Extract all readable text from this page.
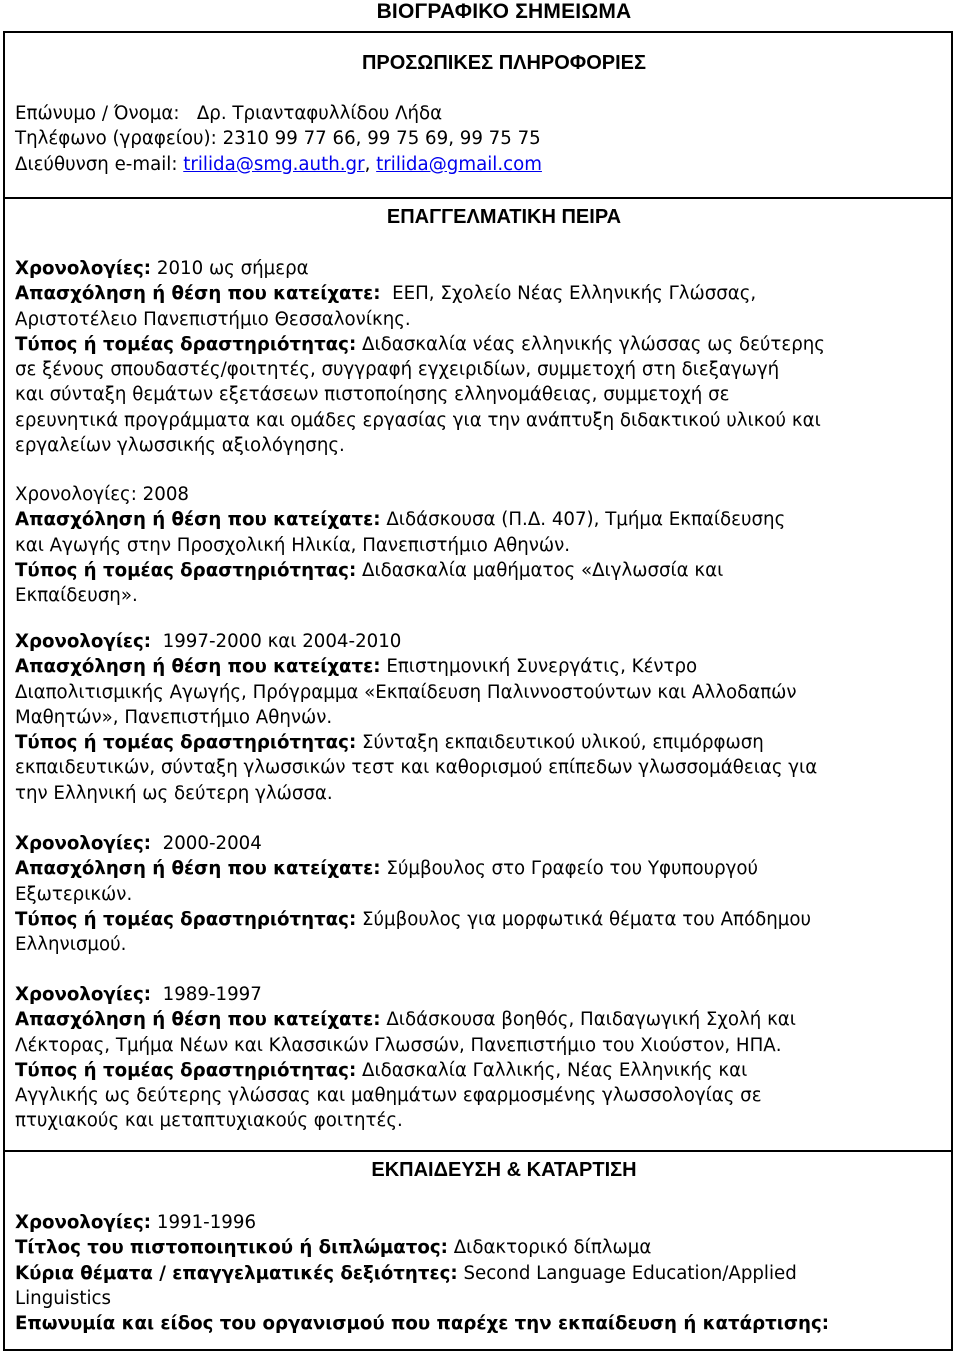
ΒΙΟΓΡΑΦΙΚΟ ΣΗΜΕΙΩΜΑ
ΠΡΟΣΩΠΙΚΕΣ ΠΛΗΡΟΦΟΡΙΕΣ
Επώνυμο / Όνομα: Δρ. Τριανταφυλλίδου Λήδα
Τηλέφωνο (γραφείου): 2310 99 77 66, 99 75 69, 99 75 75
Διεύθυνση e-mail: trilida@smg.auth.gr, trilida@gmail.com
ΕΠΑΓΓΕΛΜΑΤΙΚΗ ΠΕΙΡΑ
Χρονολογίες: 2010 ως σήμερα
Απασχόληση ή θέση που κατείχατε: ΕΕΠ, Σχολείο Νέας Ελληνικής Γλώσσας,
Αριστοτέλειο Πανεπιστήμιο Θεσσαλονίκης.
Τύπος ή τομέας δραστηριότητας: Διδασκαλία νέας ελληνικής γλώσσας ως δεύτερης
σε ξένους σπουδαστές/φοιτητές, συγγραφή εγχειριδίων, συμμετοχή στη διεξαγωγή
και σύνταξη θεμάτων εξετάσεων πιστοποίησης ελληνομάθειας, συμμετοχή σε
ερευνητικά προγράμματα και ομάδες εργασίας για την ανάπτυξη διδακτικού υλικού και
εργαλείων γλωσσικής αξιολόγησης.
Χρονολογίες: 2008
Απασχόληση ή θέση που κατείχατε: Διδάσκουσα (Π.Δ. 407), Τμήμα Εκπαίδευσης
και Αγωγής στην Προσχολική Ηλικία, Πανεπιστήμιο Αθηνών.
Τύπος ή τομέας δραστηριότητας: Διδασκαλία μαθήματος «Διγλωσσία και
Εκπαίδευση».
Χρονολογίες: 1997-2000 και 2004-2010
Απασχόληση ή θέση που κατείχατε: Επιστημονική Συνεργάτις, Κέντρο
Διαπολιτισμικής Αγωγής, Πρόγραμμα «Εκπαίδευση Παλιννοστούντων και Αλλοδαπών
Μαθητών», Πανεπιστήμιο Αθηνών.
Τύπος ή τομέας δραστηριότητας: Σύνταξη εκπαιδευτικού υλικού, επιμόρφωση
εκπαιδευτικών, σύνταξη γλωσσικών τεστ και καθορισμού επίπεδων γλωσσομάθειας για
την Ελληνική ως δεύτερη γλώσσα.
Χρονολογίες: 2000-2004
Απασχόληση ή θέση που κατείχατε: Σύμβουλος στο Γραφείο του Υφυπουργού
Εξωτερικών.
Τύπος ή τομέας δραστηριότητας: Σύμβουλος για μορφωτικά θέματα του Απόδημου
Ελληνισμού.
Χρονολογίες: 1989-1997
Απασχόληση ή θέση που κατείχατε: Διδάσκουσα βοηθός, Παιδαγωγική Σχολή και
Λέκτορας, Τμήμα Νέων και Κλασσικών Γλωσσών, Πανεπιστήμιο του Χιούστον, ΗΠΑ.
Τύπος ή τομέας δραστηριότητας: Διδασκαλία Γαλλικής, Νέας Ελληνικής και
Αγγλικής ως δεύτερης γλώσσας και μαθημάτων εφαρμοσμένης γλωσσολογίας σε
πτυχιακούς και μεταπτυχιακούς φοιτητές.
ΕΚΠΑΙΔΕΥΣΗ & ΚΑΤΑΡΤΙΣΗ
Χρονολογίες: 1991-1996
Τίτλος του πιστοποιητικού ή διπλώματος: Διδακτορικό δίπλωμα
Κύρια θέματα / επαγγελματικές δεξιότητες: Second Language Education/Applied
Linguistics
Επωνυμία και είδος του οργανισμού που παρέχε την εκπαίδευση ή κατάρτισης:
